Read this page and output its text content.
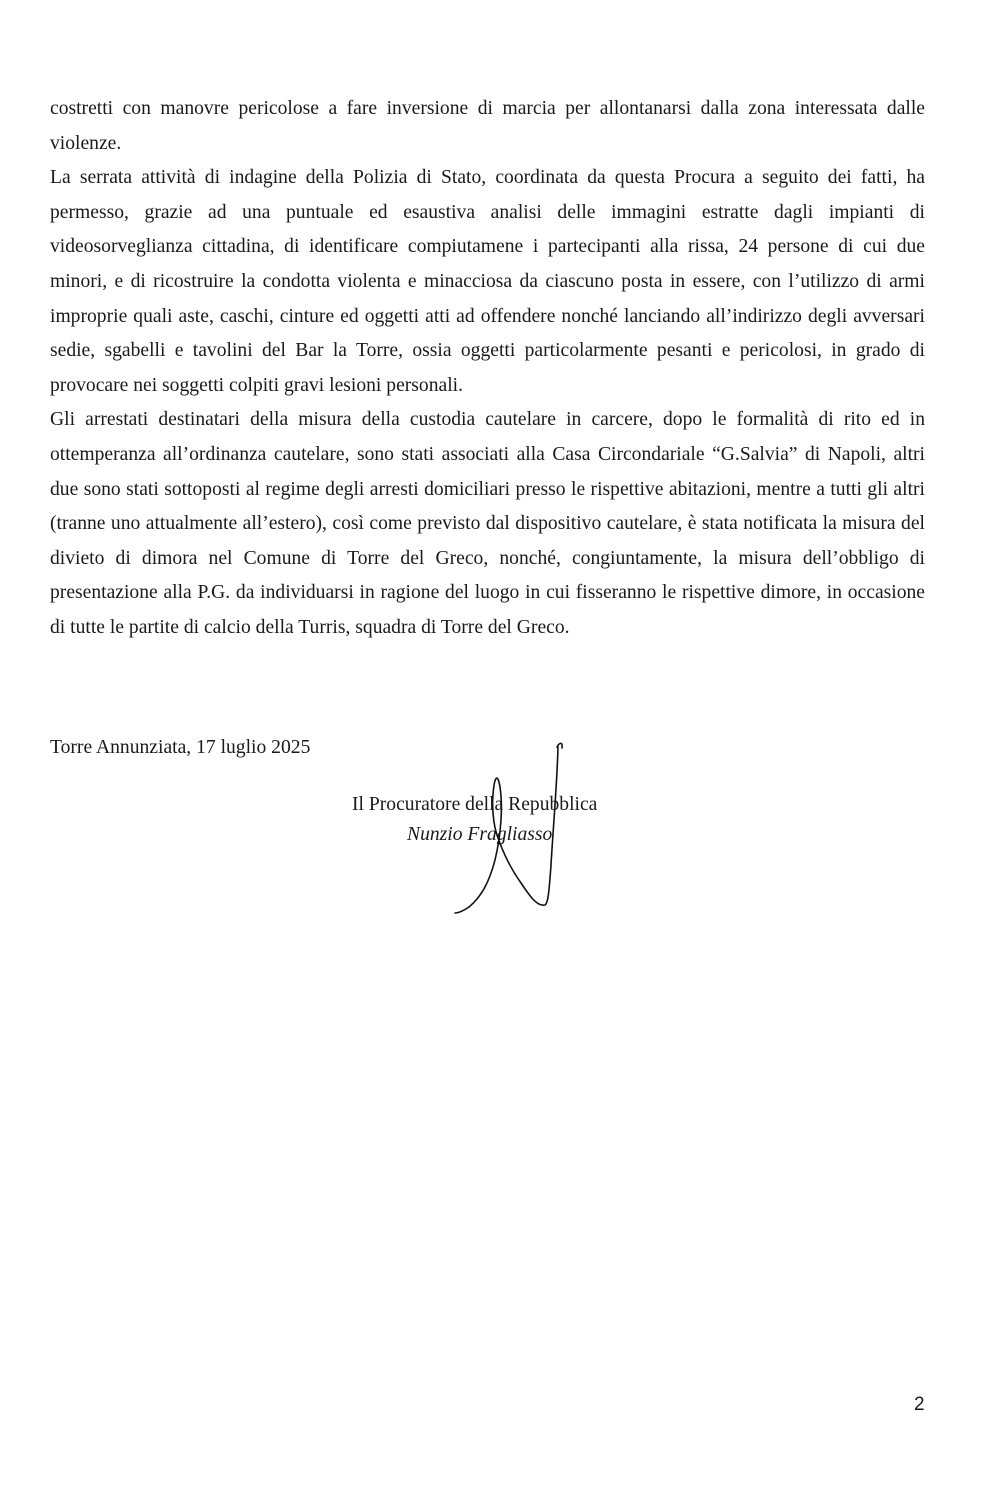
costretti con manovre pericolose a fare inversione di marcia per allontanarsi dalla zona interessata dalle violenze.

La serrata attività di indagine della Polizia di Stato, coordinata da questa Procura a seguito dei fatti, ha permesso, grazie ad una puntuale ed esaustiva analisi delle immagini estratte dagli impianti di videosorveglianza cittadina, di identificare compiutamene i partecipanti alla rissa, 24 persone di cui due minori, e di ricostruire la condotta violenta e minacciosa da ciascuno posta in essere, con l’utilizzo di armi improprie quali aste, caschi, cinture ed oggetti atti ad offendere nonché lanciando all’indirizzo degli avversari sedie, sgabelli e tavolini del Bar la Torre, ossia oggetti particolarmente pesanti e pericolosi, in grado di provocare nei soggetti colpiti gravi lesioni personali.

Gli arrestati destinatari della misura della custodia cautelare in carcere, dopo le formalità di rito ed in ottemperanza all’ordinanza cautelare, sono stati associati alla Casa Circondariale “G.Salvia” di Napoli, altri due sono stati sottoposti al regime degli arresti domiciliari presso le rispettive abitazioni, mentre a tutti gli altri (tranne uno attualmente all’estero), così come previsto dal dispositivo cautelare, è stata notificata la misura del divieto di dimora nel Comune di Torre del Greco, nonché, congiuntamente, la misura dell’obbligo di presentazione alla P.G. da individuarsi in ragione del luogo in cui fisseranno le rispettive dimore, in occasione di tutte le partite di calcio della Turris, squadra di Torre del Greco.

Torre Annunziata, 17 luglio 2025
Il Procuratore della Repubblica
Nunzio Fragliasso
2
